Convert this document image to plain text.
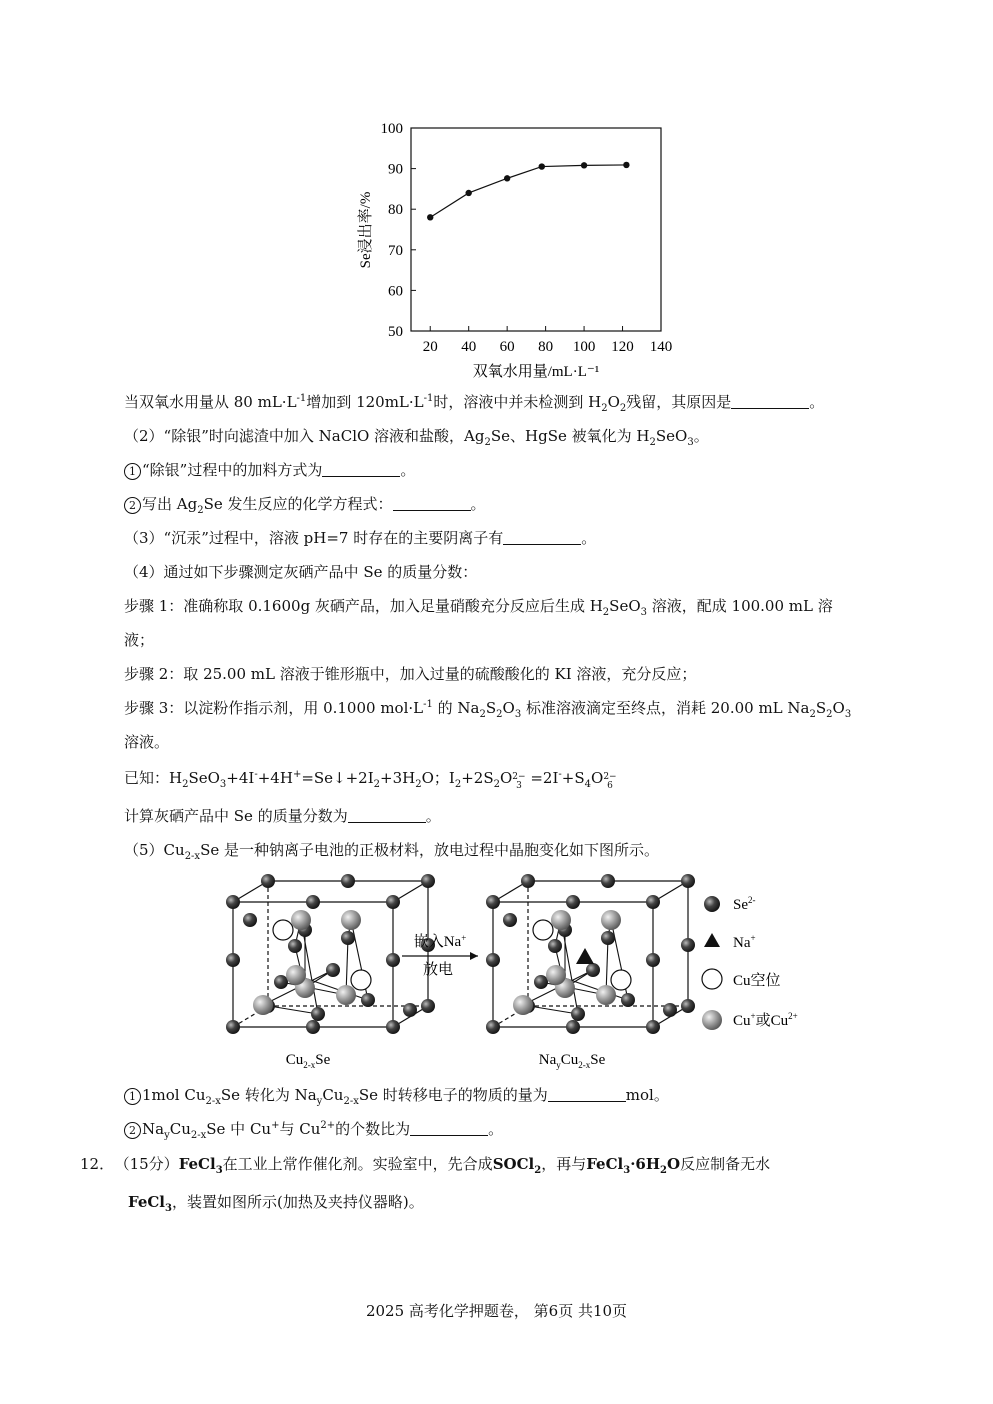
20 40 60 80 100 120 140
50
60
70
80
90
100
双氧水用量/mL·L⁻¹
Se浸出率/%
当双氧水用量从 80 $mL\cdot L^{-1}$增加到 $120mL\cdot L^{-1}$时，溶液中并未检测到 $H_2O_2$残留，其原因是	。
（2）“除银”时向滤渣中加入 NaClO 溶液和盐酸，$Ag_2Se$、HgSe 被氧化为 $H_2SeO_3$。
1 “除银”过程中的加料方式为	。
2 写出 $Ag_2Se$ 发生反应的化学方程式：	。
（3）“沉汞”过程中，溶液 pH=7 时存在的主要阴离子有	。
（4）通过如下步骤测定灰硒产品中 Se 的质量分数：
步骤 1：准确称取 0.1600g 灰硒产品，加入足量硝酸充分反应后生成 $H_2SeO_3$ 溶液，配成 100.00 mL 溶
液；
步骤 2：取 25.00 mL 溶液于锥形瓶中，加入过量的硫酸酸化的 KI 溶液，充分反应；
步骤 3：以淀粉作指示剂，用 0.1000 $mol\cdot L^{-1}$ 的 $Na_2S_2O_3$ 标准溶液滴定至终点，消耗 20.00 mL $Na_2S_2O_3$
溶液。
已知：$H_2SeO_3+4I^-+4H^+=Se↓+2I_2+3H_2O$；$I_2+2S_2O2-$
$3 =2I^-+S_4O2-$
6
计算灰硒产品中 Se 的质量分数为	。
$(5)Cu_{2-x}Se$ 是一种钠离子电池的正极材料，放电过程中晶胞变化如下图所示。
嵌入Na+
放电
$Cu_{2-x}Se$	$Na_yCu_{2-x}Se$
$Se^{2-}$
Na+
Cu空位
Cu+或$Cu^{2+}$
1 1mol $Cu_{2-x}Se$ 转化为 $Na_yCu_{2-x}Se$ 时转移电子的物质的量为	mol。
2 $Na_yCu_{2-x}Se$ 中 Cu+与 $Cu^{2+}$的个数比为	。
12． （15分）FeCl$_3$在工业上常作催化剂。实验室中，先合成SOCl$_2$，再与$FeCl_3\cdot 6H_2O$反应制备无水
FeCl$_3$，装置如图所示(加热及夹持仪器略)。
2025 高考化学押题卷， 第6页 共10页
